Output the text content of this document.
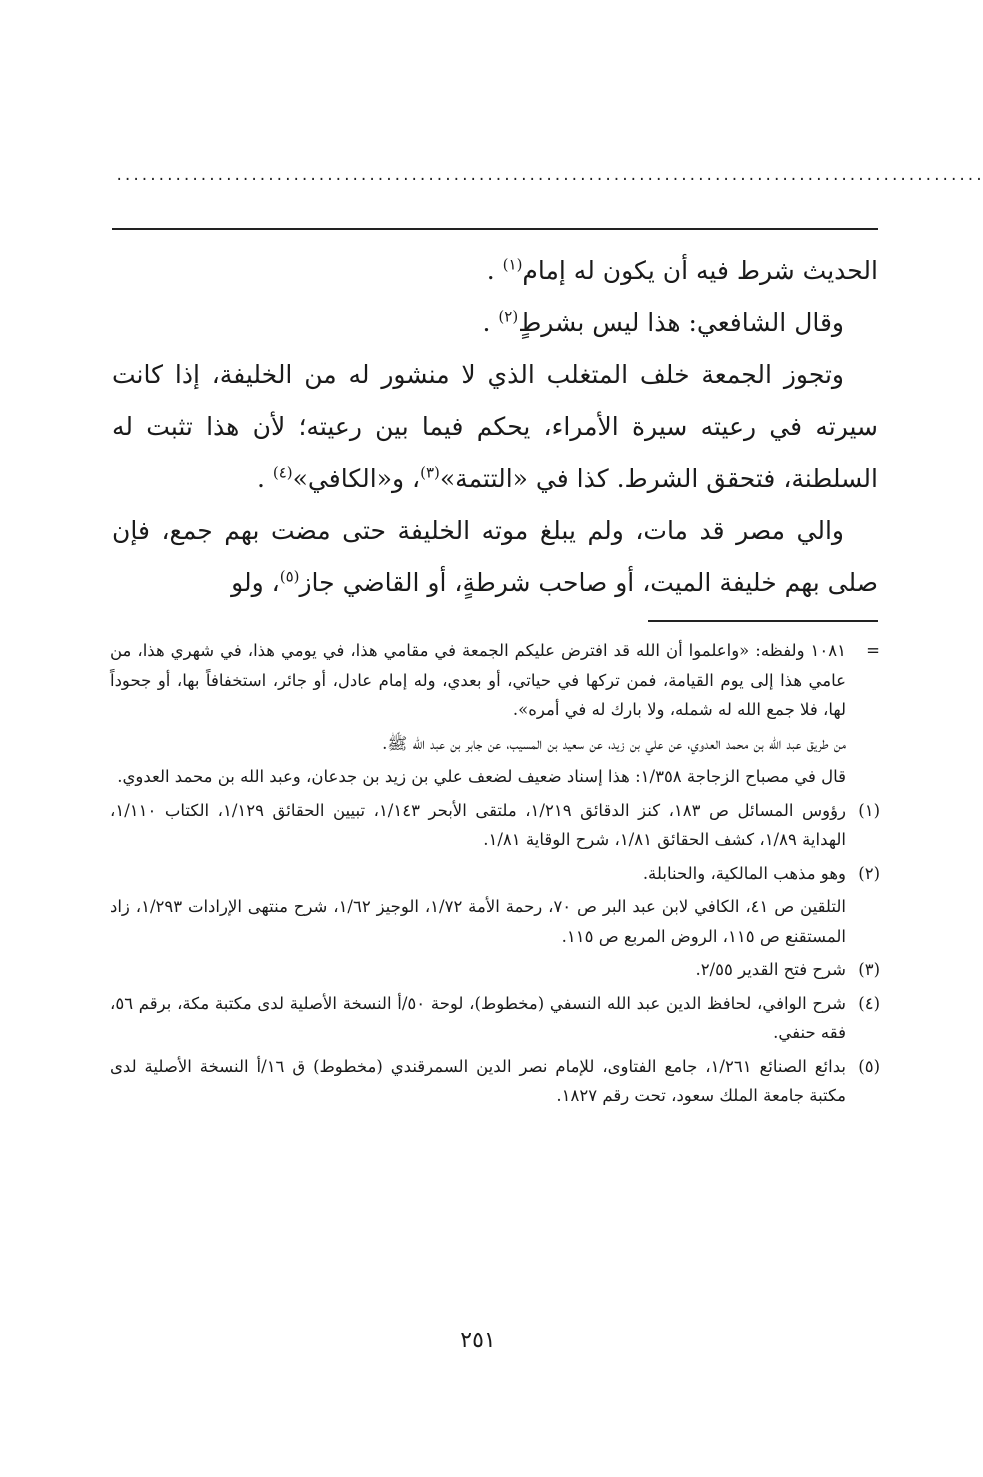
.......................................................................................................

الحديث شرط فيه أن يكون له إمام$^{(١)}$ .

وقال الشافعي: هذا ليس بشرطٍ$^{(٢)}$ .

وتجوز الجمعة خلف المتغلب الذي لا منشور له من الخليفة، إذا كانت سيرته في رعيته سيرة الأمراء، يحكم فيما بين رعيته؛ لأن هذا تثبت له السلطنة، فتحقق الشرط. كذا في «التتمة»$^{(٣)}$، و«الكافي»$^{(٤)}$ .

والي مصر قد مات، ولم يبلغ موته الخليفة حتى مضت بهم جمع، فإن صلى بهم خليفة الميت، أو صاحب شرطةٍ، أو القاضي جاز$^{(٥)}$، ولو

=

١٠٨١ ولفظه: «واعلموا أن الله قد افترض عليكم الجمعة في مقامي هذا، في يومي هذا، في شهري هذا، من عامي هذا إلى يوم القيامة، فمن تركها في حياتي، أو بعدي، وله إمام عادل، أو جائر، استخفافاً بها، أو جحوداً لها، فلا جمع الله له شمله، ولا بارك له في أمره».

من طريق عبد الله بن محمد العدوي، عن علي بن زيد، عن سعيد بن المسيب، عن جابر بن عبد الله ﷺ.

قال في مصباح الزجاجة ١/٣٥٨: هذا إسناد ضعيف لضعف علي بن زيد بن جدعان، وعبد الله بن محمد العدوي.

(١)

رؤوس المسائل ص ١٨٣، كنز الدقائق ١/٢١٩، ملتقى الأبحر ١/١٤٣، تبيين الحقائق ١/١٢٩، الكتاب ١/١١٠، الهداية ١/٨٩، كشف الحقائق ١/٨١، شرح الوقاية ١/٨١.

(٢)

وهو مذهب المالكية، والحنابلة.

التلقين ص ٤١، الكافي لابن عبد البر ص ٧٠، رحمة الأمة ١/٧٢، الوجيز ١/٦٢، شرح منتهى الإرادات ١/٢٩٣، زاد المستقنع ص ١١٥، الروض المربع ص ١١٥.

(٣)

شرح فتح القدير ٢/٥٥.

(٤)

شرح الوافي، لحافظ الدين عبد الله النسفي (مخطوط)، لوحة ٥٠/أ النسخة الأصلية لدى مكتبة مكة، برقم ٥٦، فقه حنفي.

(٥)

بدائع الصنائع ١/٢٦١، جامع الفتاوى، للإمام نصر الدين السمرقندي (مخطوط) ق ١٦/أ النسخة الأصلية لدى مكتبة جامعة الملك سعود، تحت رقم ١٨٢٧.

٢٥١
